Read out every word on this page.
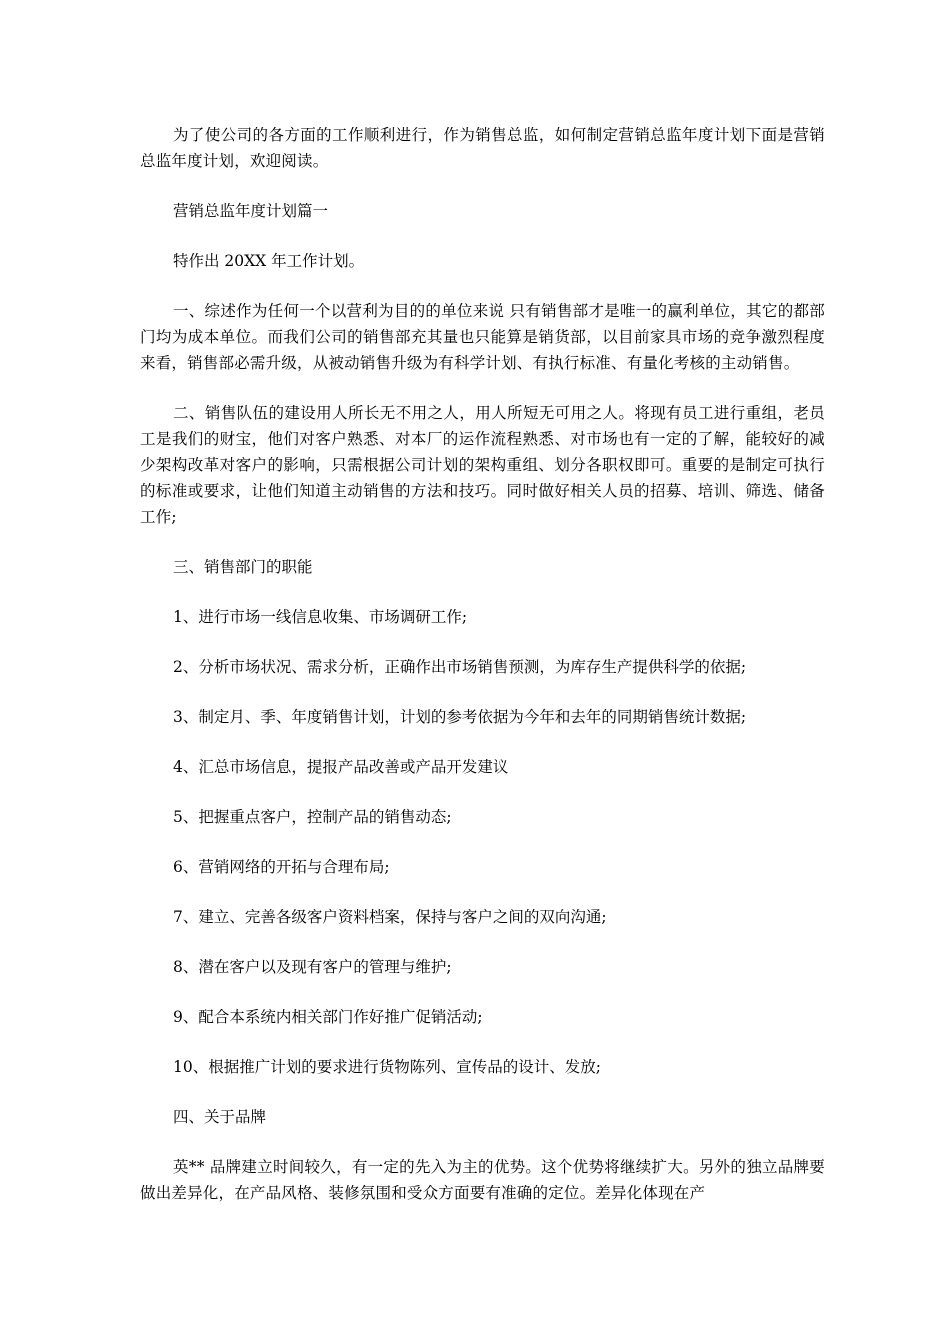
为了使公司的各方面的工作顺利进行，作为销售总监，如何制定营销总监年度计划下面是营销总监年度计划，欢迎阅读。

营销总监年度计划篇一

特作出 20XX 年工作计划。

一、综述作为任何一个以营利为目的的单位来说 只有销售部才是唯一的赢利单位，其它的都部门均为成本单位。而我们公司的销售部充其量也只能算是销货部，以目前家具市场的竞争激烈程度来看，销售部必需升级，从被动销售升级为有科学计划、有执行标准、有量化考核的主动销售。

二、销售队伍的建设用人所长无不用之人，用人所短无可用之人。将现有员工进行重组，老员工是我们的财宝，他们对客户熟悉、对本厂的运作流程熟悉、对市场也有一定的了解，能较好的减少架构改革对客户的影响，只需根据公司计划的架构重组、划分各职权即可。重要的是制定可执行的标准或要求，让他们知道主动销售的方法和技巧。同时做好相关人员的招募、培训、筛选、储备工作;

三、销售部门的职能

1、进行市场一线信息收集、市场调研工作;

2、分析市场状况、需求分析，正确作出市场销售预测，为库存生产提供科学的依据;

3、制定月、季、年度销售计划，计划的参考依据为今年和去年的同期销售统计数据;

4、汇总市场信息，提报产品改善或产品开发建议

5、把握重点客户，控制产品的销售动态;

6、营销网络的开拓与合理布局;

7、建立、完善各级客户资料档案，保持与客户之间的双向沟通;

8、潜在客户以及现有客户的管理与维护;

9、配合本系统内相关部门作好推广促销活动;

10、根据推广计划的要求进行货物陈列、宣传品的设计、发放;

四、关于品牌

英** 品牌建立时间较久，有一定的先入为主的优势。这个优势将继续扩大。另外的独立品牌要做出差异化，在产品风格、装修氛围和受众方面要有准确的定位。差异化体现在产
